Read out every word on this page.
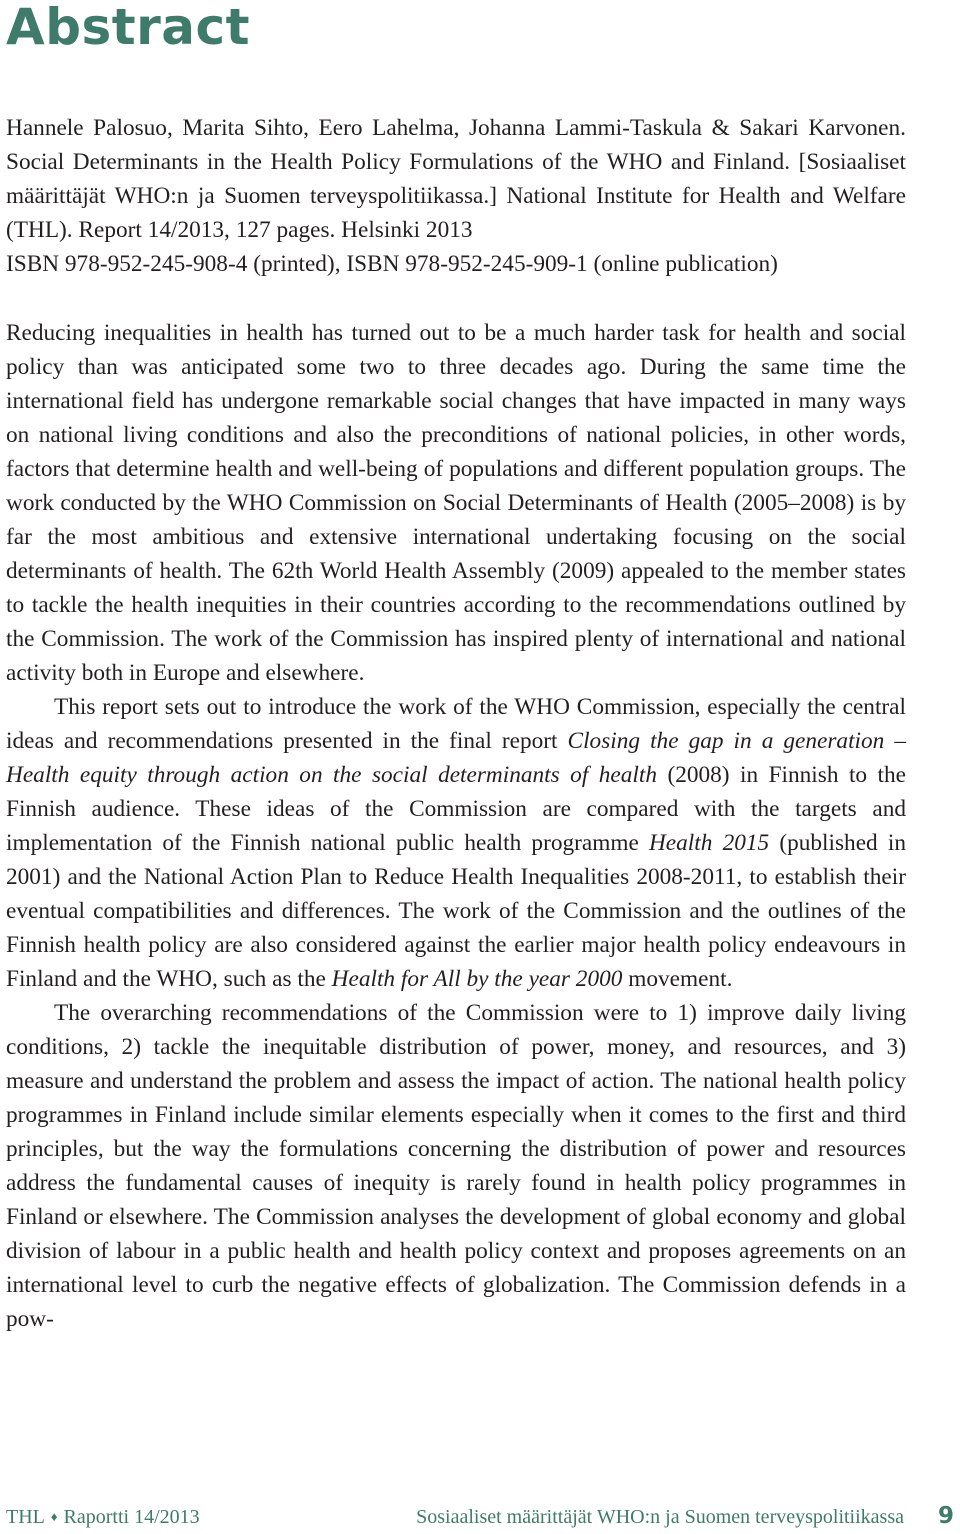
Abstract

Hannele Palosuo, Marita Sihto, Eero Lahelma, Johanna Lammi-Taskula & Sakari Karvonen. Social Determinants in the Health Policy Formulations of the WHO and Finland. [Sosiaaliset määrittäjät WHO:n ja Suomen terveyspolitiikassa.] National Institute for Health and Welfare (THL). Report 14/2013, 127 pages. Helsinki 2013

ISBN 978-952-245-908-4 (printed), ISBN 978-952-245-909-1 (online publication)

Reducing inequalities in health has turned out to be a much harder task for health and social policy than was anticipated some two to three decades ago. During the same time the international field has undergone remarkable social changes that have impacted in many ways on national living conditions and also the preconditions of national policies, in other words, factors that determine health and well-being of populations and different population groups. The work conducted by the WHO Commission on Social Determinants of Health (2005–2008) is by far the most ambitious and extensive international undertaking focusing on the social determinants of health. The 62th World Health Assembly (2009) appealed to the member states to tackle the health inequities in their countries according to the recommendations outlined by the Commission. The work of the Commission has inspired plenty of international and national activity both in Europe and elsewhere.

This report sets out to introduce the work of the WHO Commission, especially the central ideas and recommendations presented in the final report Closing the gap in a generation – Health equity through action on the social determinants of health (2008) in Finnish to the Finnish audience. These ideas of the Commission are compared with the targets and implementation of the Finnish national public health programme Health 2015 (published in 2001) and the National Action Plan to Reduce Health Inequalities 2008-2011, to establish their eventual compatibilities and differences. The work of the Commission and the outlines of the Finnish health policy are also considered against the earlier major health policy endeavours in Finland and the WHO, such as the Health for All by the year 2000 movement.

The overarching recommendations of the Commission were to 1) improve daily living conditions, 2) tackle the inequitable distribution of power, money, and resources, and 3) measure and understand the problem and assess the impact of action. The national health policy programmes in Finland include similar elements especially when it comes to the first and third principles, but the way the formulations concerning the distribution of power and resources address the fundamental causes of inequity is rarely found in health policy programmes in Finland or elsewhere. The Commission analyses the development of global economy and global division of labour in a public health and health policy context and proposes agreements on an international level to curb the negative effects of globalization. The Commission defends in a pow-

THL ♦ Raportti 14/2013	Sosiaaliset määrittäjät WHO:n ja Suomen terveyspolitiikassa 9
